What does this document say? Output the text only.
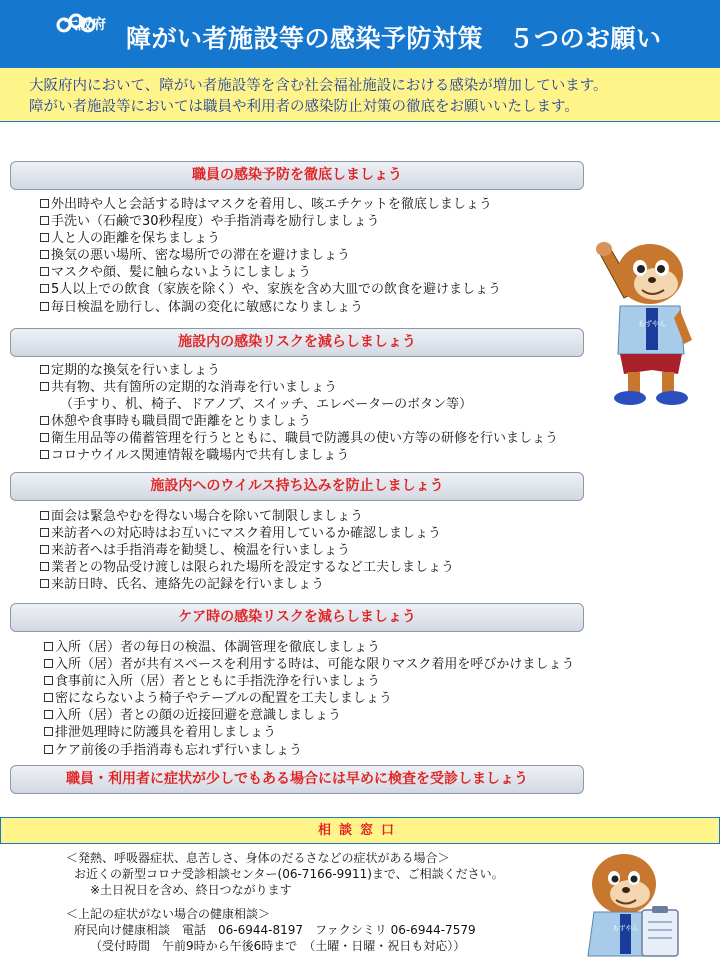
大阪府 障がい者施設等の感染予防対策　５つのお願い

大阪府内において、障がい者施設等を含む社会福祉施設における感染が増加しています。

障がい者施設等においては職員や利用者の感染防止対策の徹底をお願いいたします。

職員の感染予防を徹底しましょう
外出時や人と会話する時はマスクを着用し、咳エチケットを徹底しましょう
手洗い（石鹸で30秒程度）や手指消毒を励行しましょう
人と人の距離を保ちましょう
換気の悪い場所、密な場所での滞在を避けましょう
マスクや顔、髪に触らないようにしましょう
5人以上での飲食（家族を除く）や、家族を含め大皿での飲食を避けましょう
毎日検温を励行し、体調の変化に敏感になりましょう
施設内の感染リスクを減らしましょう
定期的な換気を行いましょう
共有物、共有箇所の定期的な消毒を行いましょう
（手すり、机、椅子、ドアノブ、スイッチ、エレベーターのボタン等）
休憩や食事時も職員間で距離をとりましょう
衛生用品等の備蓄管理を行うとともに、職員で防護具の使い方等の研修を行いましょう
コロナウイルス関連情報を職場内で共有しましょう
施設内へのウイルス持ち込みを防止しましょう
面会は緊急やむを得ない場合を除いて制限しましょう
来訪者への対応時はお互いにマスク着用しているか確認しましょう
来訪者へは手指消毒を勧奨し、検温を行いましょう
業者との物品受け渡しは限られた場所を設定するなど工夫しましょう
来訪日時、氏名、連絡先の記録を行いましょう
ケア時の感染リスクを減らしましょう
入所（居）者の毎日の検温、体調管理を徹底しましょう
入所（居）者が共有スペースを利用する時は、可能な限りマスク着用を呼びかけましょう
食事前に入所（居）者とともに手指洗浄を行いましょう
密にならないよう椅子やテーブルの配置を工夫しましょう
入所（居）者との顔の近接回避を意識しましょう
排泄処理時に防護具を着用しましょう
ケア前後の手指消毒も忘れず行いましょう
職員・利用者に症状が少しでもある場合には早めに検査を受診しましょう
相談窓口
＜発熱、呼吸器症状、息苦しさ、身体のだるさなどの症状がある場合＞
お近くの新型コロナ受診相談センター(06-7166-9911)まで、ご相談ください。
※土日祝日を含め、終日つながります
＜上記の症状がない場合の健康相談＞
府民向け健康相談　電話　06-6944-8197　ファクシミリ 06-6944-7579
（受付時間　午前9時から午後6時まで　（土曜・日曜・祝日も対応））
もずやん
もずやん
